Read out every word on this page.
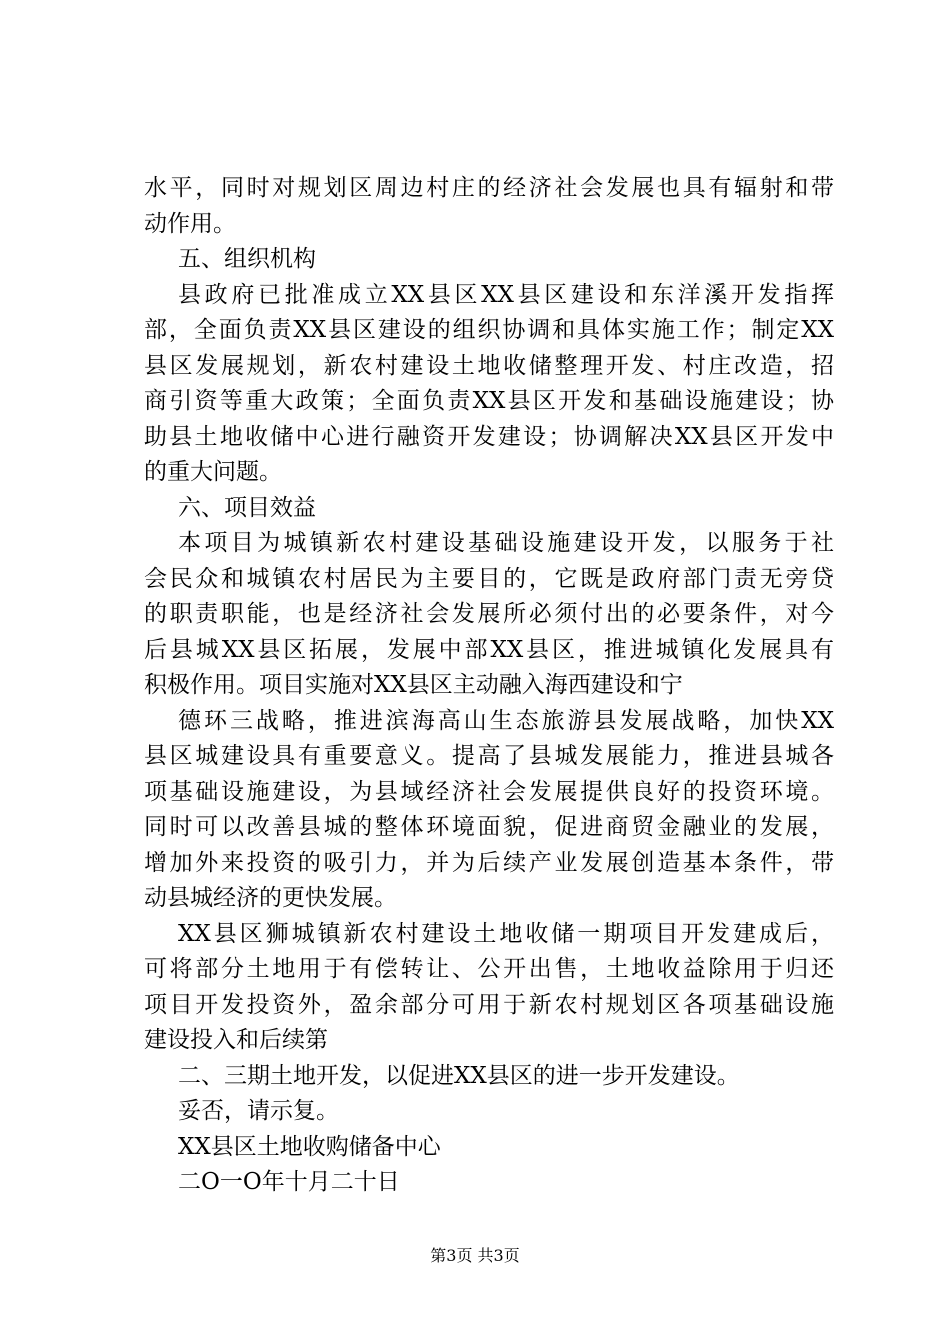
水平，同时对规划区周边村庄的经济社会发展也具有辐射和带
动作用。
五、组织机构
县政府已批准成立XX县区XX县区建设和东洋溪开发指挥
部，全面负责XX县区建设的组织协调和具体实施工作；制定XX
县区发展规划，新农村建设土地收储整理开发、村庄改造，招
商引资等重大政策；全面负责XX县区开发和基础设施建设；协
助县土地收储中心进行融资开发建设；协调解决XX县区开发中
的重大问题。
六、项目效益
本项目为城镇新农村建设基础设施建设开发，以服务于社
会民众和城镇农村居民为主要目的，它既是政府部门责无旁贷
的职责职能，也是经济社会发展所必须付出的必要条件，对今
后县城XX县区拓展，发展中部XX县区，推进城镇化发展具有
积极作用。项目实施对XX县区主动融入海西建设和宁
德环三战略，推进滨海高山生态旅游县发展战略，加快XX
县区城建设具有重要意义。提高了县城发展能力，推进县城各
项基础设施建设，为县域经济社会发展提供良好的投资环境。
同时可以改善县城的整体环境面貌，促进商贸金融业的发展，
增加外来投资的吸引力，并为后续产业发展创造基本条件，带
动县城经济的更快发展。
XX县区狮城镇新农村建设土地收储一期项目开发建成后，
可将部分土地用于有偿转让、公开出售，土地收益除用于归还
项目开发投资外，盈余部分可用于新农村规划区各项基础设施
建设投入和后续第
二、三期土地开发，以促进XX县区的进一步开发建设。
妥否，请示复。
XX县区土地收购储备中心
二O一O年十月二十日
第3页 共3页
